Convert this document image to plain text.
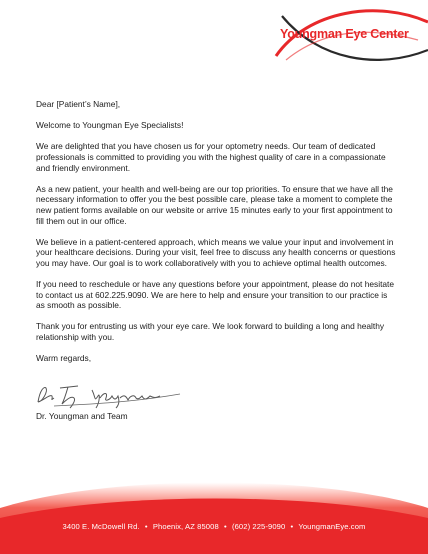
Youngman Eye Center

Dear [Patient’s Name],

Welcome to Youngman Eye Specialists!

We are delighted that you have chosen us for your optometry needs. Our team of dedicated professionals is committed to providing you with the highest quality of care in a compassionate and friendly environment.

As a new patient, your health and well-being are our top priorities. To ensure that we have all the necessary information to offer you the best possible care, please take a moment to complete the new patient forms available on our website or arrive 15 minutes early to your first appointment to fill them out in our office.

We believe in a patient-centered approach, which means we value your input and involvement in your healthcare decisions. During your visit, feel free to discuss any health concerns or questions you may have. Our goal is to work collaboratively with you to achieve optimal health outcomes.

If you need to reschedule or have any questions before your appointment, please do not hesitate to contact us at 602.225.9090. We are here to help and ensure your transition to our practice is as smooth as possible.

Thank you for entrusting us with your eye care. We look forward to building a long and healthy relationship with you.

Warm regards,

Dr. Youngman and Team
3400 E. McDowell Rd. • Phoenix, AZ 85008 • (602) 225-9090 • YoungmanEye.com
